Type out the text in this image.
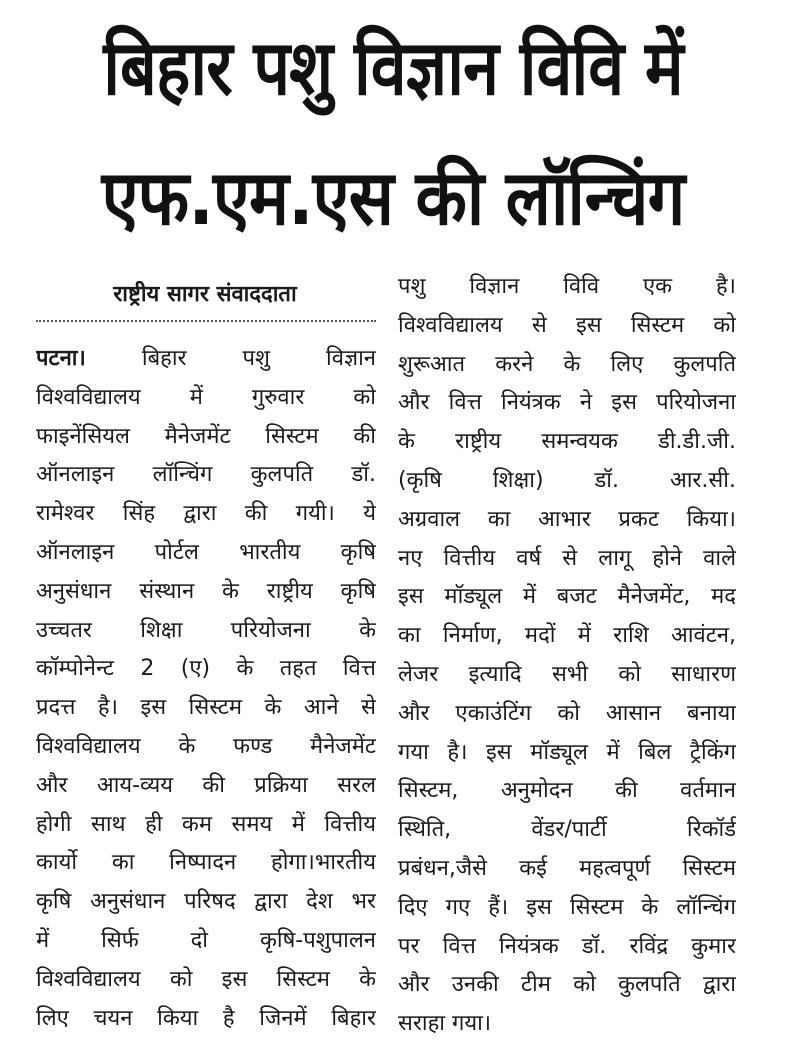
बिहार पशु विज्ञान विवि में
एफ.एम.एस की लॉन्चिंग
राष्ट्रीय सागर संवाददाता
पटना। बिहार पशु विज्ञान
विश्वविद्यालय में गुरुवार को
फाइनेंसियल मैनेजमेंट सिस्टम की
ऑनलाइन लॉन्चिंग कुलपति डॉ.
रामेश्वर सिंह द्वारा की गयी। ये
ऑनलाइन पोर्टल भारतीय कृषि
अनुसंधान संस्थान के राष्ट्रीय कृषि
उच्चतर शिक्षा परियोजना के
कॉम्पोनेन्ट 2 (ए) के तहत वित्त
प्रदत्त है। इस सिस्टम के आने से
विश्वविद्यालय के फण्ड मैनेजमेंट
और आय-व्यय की प्रक्रिया सरल
होगी साथ ही कम समय में वित्तीय
कार्यो का निष्पादन होगा।भारतीय
कृषि अनुसंधान परिषद द्वारा देश भर
में सिर्फ दो कृषि-पशुपालन
विश्वविद्यालय को इस सिस्टम के
लिए चयन किया है जिनमें बिहार
पशु विज्ञान विवि एक है।
विश्वविद्यालय से इस सिस्टम को
शुरूआत करने के लिए कुलपति
और वित्त नियंत्रक ने इस परियोजना
के राष्ट्रीय समन्वयक डी.डी.जी.
(कृषि शिक्षा) डॉ. आर.सी.
अग्रवाल का आभार प्रकट किया।
नए वित्तीय वर्ष से लागू होने वाले
इस मॉड्यूल में बजट मैनेजमेंट, मद
का निर्माण, मदों में राशि आवंटन,
लेजर इत्यादि सभी को साधारण
और एकाउंटिंग को आसान बनाया
गया है। इस मॉड्यूल में बिल ट्रैकिंग
सिस्टम, अनुमोदन की वर्तमान
स्थिति, वेंडर/पार्टी रिकॉर्ड
प्रबंधन,जैसे कई महत्वपूर्ण सिस्टम
दिए गए हैं। इस सिस्टम के लॉन्चिंग
पर वित्त नियंत्रक डॉ. रविंद्र कुमार
और उनकी टीम को कुलपति द्वारा
सराहा गया।
